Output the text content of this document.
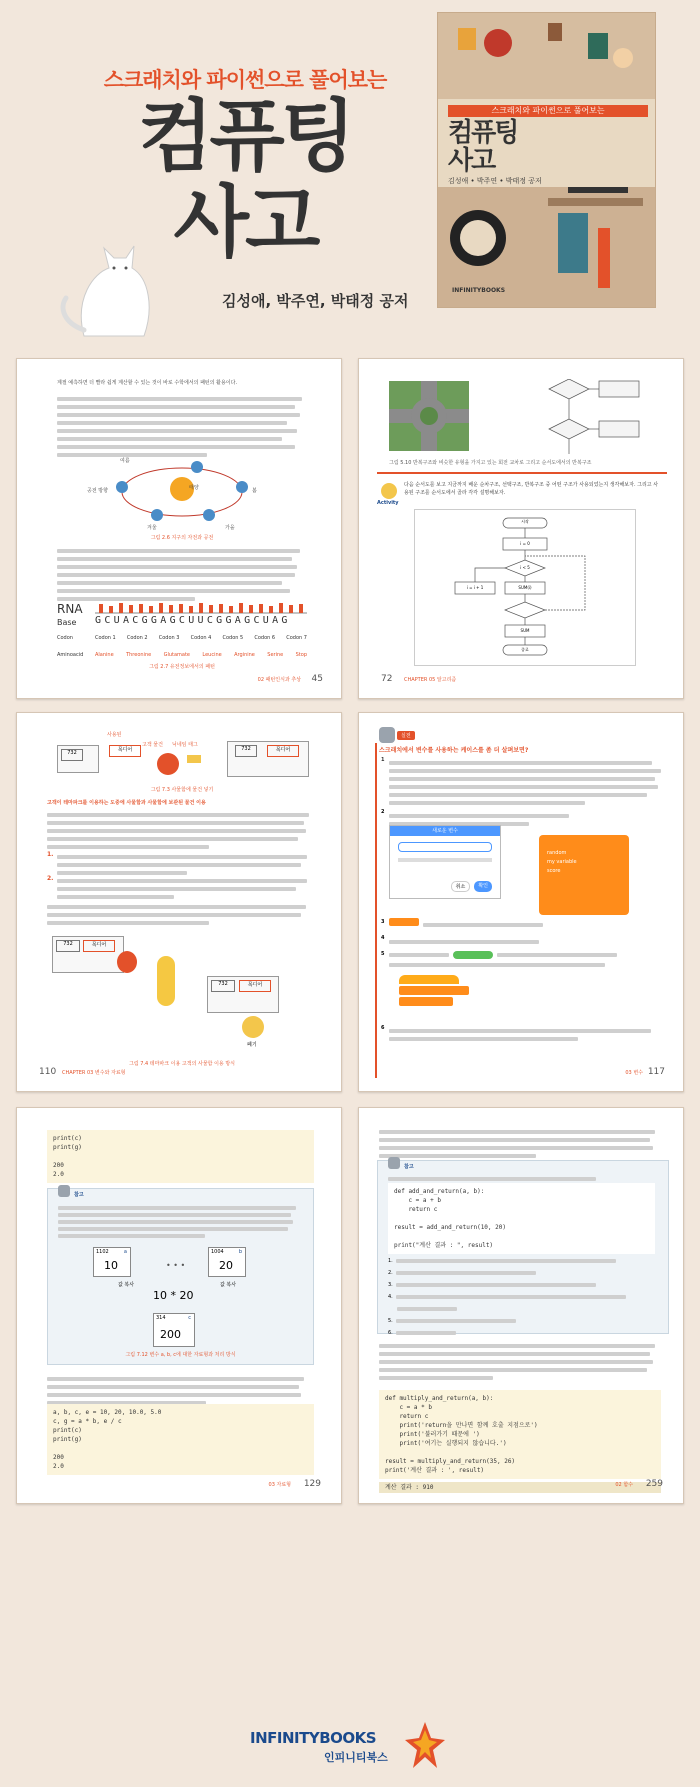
스크래치와 파이썬으로 풀어보는
컴퓨팅
사고
김성애, 박주연, 박태정 공저
스크래치와 파이썬으로 풀어보는
컴퓨팅
사고
김성애 • 박주연 • 박태정 공저
INFINITYBOOKS
계절 예측하면 더 빨라 쉽게 계산할 수 있는 것이 바로 수학에서의 패턴의 활용이다.
여름
공전 방향	봄
겨울	가을
태양
그림 2.6 지구의 자전과 공전
RNA
Base GCUACGGAGCUUCGGAGCUAG
Codon	Codon 1 Codon 2 Codon 3 Codon 4 Codon 5 Codon 6 Codon 7
Aminoacid Alanine Threonine Glutamate Leucine Arginine Serine Stop
그림 2.7 유전정보에서의 패턴
02 패턴인식과 추상 45
그림 5.10 반복구조와 비슷한 유형을 가지고 있는 회전 교차로 그리고 순서도에서의 반복구조
Activity
다음 순서도를 보고 지금까지 배운 순차구조, 선택구조, 반복구조 중 어떤 구조가 사용되었는지 생각해보자. 그리고 사용된 구조를 순서도에서 골라 각각 설명해보자.
시작
i = 0
i < 5
i = i + 1	SUM(i)
SUM
종료
72 CHAPTER 05 알고리즘
732
사용된
고객 물건 닉네임 태그
732	목디어
목디어
그림 7.3 사물함에 물건 넣기
고객이 테마파크를 이용하는 도중에 사물함과 사물함에 보관된 물건 이용
1.
2.
732	목디어
732	목디어
폐기
그림 7.4 테마파크 이용 고객의 사물함 이용 방식
110 CHAPTER 03 변수와 자료형
실전
스크래치에서 변수를 사용하는 케이스를 좀 더 살펴보면?
1
2
새로운 변수
취소	확인
random
my variable
score
3
4
5
6
03 변수 117
print(c)
print(g)

200
2.0
참고
1102	a
10	• • •
1004	b
20
값 복사	값 복사
10 * 20
314	c
200
그림 7.12 변수 a, b, c에 대한 자료형과 처리 방식
a, b, c, e = 10, 20, 10.0, 5.0
c, g = a * b, e / c
print(c)
print(g)

200
2.0
03 자료형 129
참고
def add_and_return(a, b):
c = a + b
return c

result = add_and_return(10, 20)

print("계산 결과 : ", result)
1.
2.
3.
4.
5.
6.
def multiply_and_return(a, b):
c = a * b
return c
print('return을 만나면 함께 호출 지점으로')
print('불러가기 때문에 ')
print('여기는 실행되지 않습니다.')

result = multiply_and_return(35, 26)
print('계산 결과 : ', result)
계산 결과 : 910	02 함수 259
INFINITYBOOKS
인피니티북스
